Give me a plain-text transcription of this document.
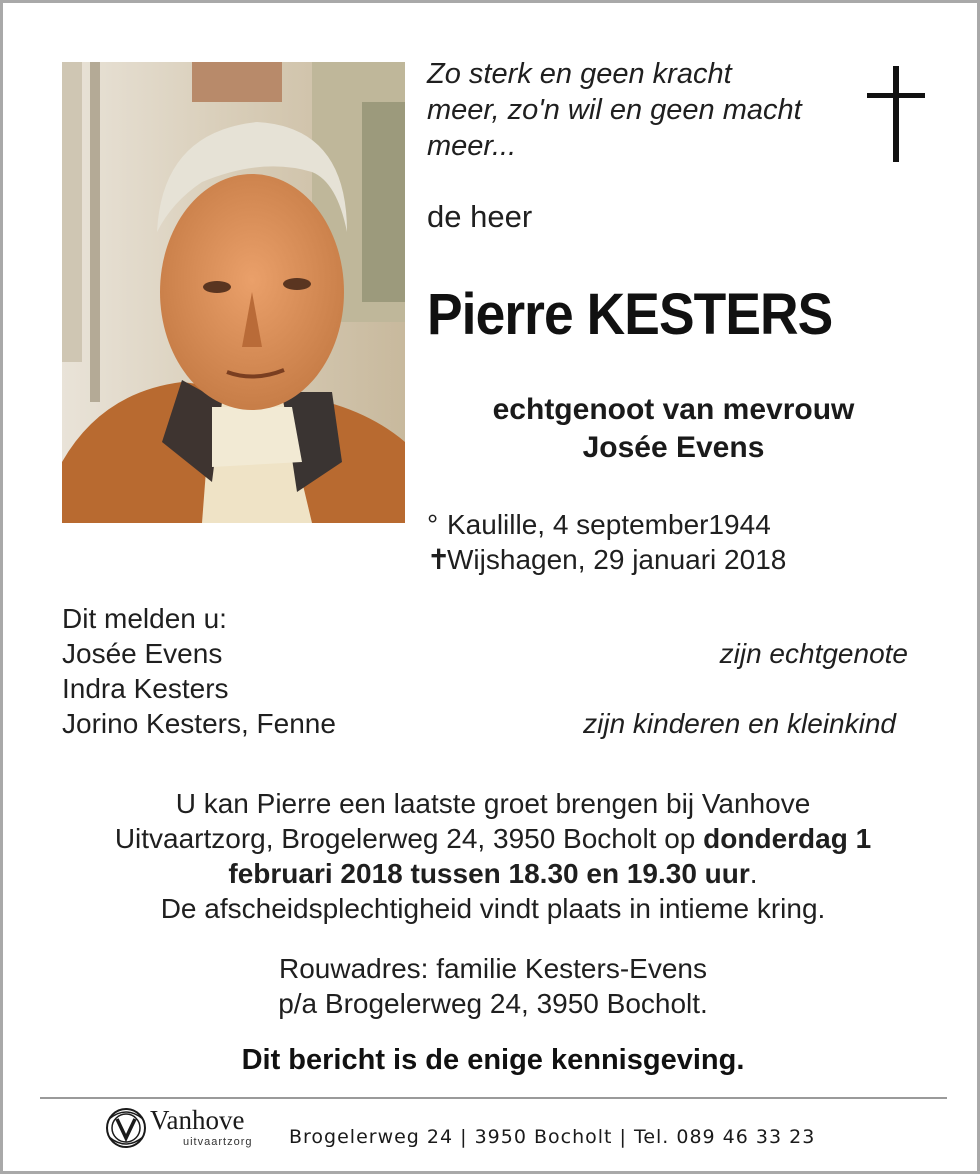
Zo sterk en geen kracht
meer, zo'n wil en geen macht
meer...
de heer
Pierre KESTERS
echtgenoot van mevrouw
Josée Evens
° Kaulille, 4 september1944
✝Wijshagen, 29 januari 2018
Dit melden u:
Josée Evens	zijn echtgenote
Indra Kesters
Jorino Kesters, Fenne	zijn kinderen en kleinkind
U kan Pierre een laatste groet brengen bij Vanhove
Uitvaartzorg, Brogelerweg 24, 3950 Bocholt op donderdag 1
februari 2018 tussen 18.30 en 19.30 uur.
De afscheidsplechtigheid vindt plaats in intieme kring.
Rouwadres: familie Kesters-Evens
p/a Brogelerweg 24, 3950 Bocholt.
Dit bericht is de enige kennisgeving.
Vanhove
uitvaartzorg Brogelerweg 24 | 3950 Bocholt | Tel. 089 46 33 23
